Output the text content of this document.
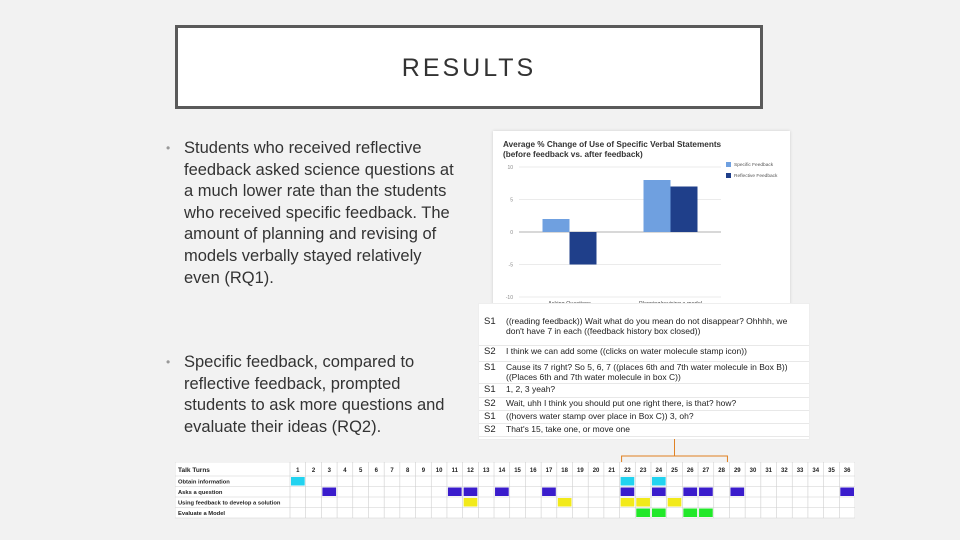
RESULTS
• Students who received reflective feedback asked science questions at a much lower rate than the students who received specific feedback. The amount of planning and revising of models verbally stayed relatively even (RQ1).
• Specific feedback, compared to reflective feedback, prompted students to ask more questions and evaluate their ideas (RQ2).
Average % Change of Use of Specific Verbal Statements
(before feedback vs. after feedback)
10
5
0
-5
-10
Specific Feedback
Reflective Feedback
S1 ((reading feedback)) Wait what do you mean do not disappear? Ohhhh, we don't have 7 in each ((feedback history box closed))
S2 I think we can add some ((clicks on water molecule stamp icon))
S1 Cause its 7 right? So 5, 6, 7 ((places 6th and 7th water molecule in Box B)) ((Places 6th and 7th water molecule in box C))
S1 1, 2, 3 yeah?
S2 Wait, uhh I think you should put one right there, is that? how?
S1 ((hovers water stamp over place in Box C)) 3, oh?
S2 That's 15, take one, or move one
Talk Turns	1 2 3 4 5 6 7 8 9 10 11 12 13 14 15 16 17 18 19 20 21 22 23 24 25 26 27 28 29 30 31 32 33 34 35 36
Obtain information
Asks a question
Using feedback to develop a solution
Evaluate a Model
